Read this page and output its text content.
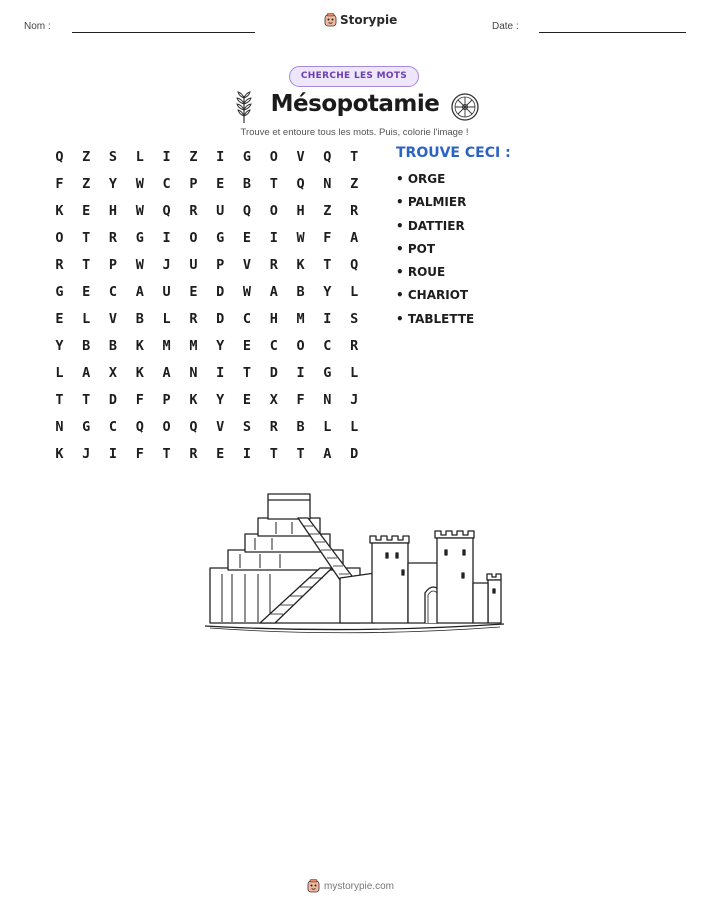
Nom :	Storypie	Date :
CHERCHE LES MOTS
Mésopotamie
Trouve et entoure tous les mots. Puis, colorie l'image !
Q	Z	S	L	I	Z	I	G	O	V	Q	T
F	Z	Y	W	C	P	E	B	T	Q	N	Z
K	E	H	W	Q	R	U	Q	O	H	Z	R
O	T	R	G	I	O	G	E	I	W	F	A
R	T	P	W	J	U	P	V	R	K	T	Q
G	E	C	A	U	E	D	W	A	B	Y	L
E	L	V	B	L	R	D	C	H	M	I	S
Y	B	B	K	M	M	Y	E	C	O	C	R
L	A	X	K	A	N	I	T	D	I	G	L
T	T	D	F	P	K	Y	E	X	F	N	J
N	G	C	Q	O	Q	V	S	R	B	L	L
K	J	I	F	T	R	E	I	T	T	A	D
TROUVE CECI :
• ORGE
• PALMIER
• DATTIER
• POT
• ROUE
• CHARIOT
• TABLETTE
mystorypie.com
